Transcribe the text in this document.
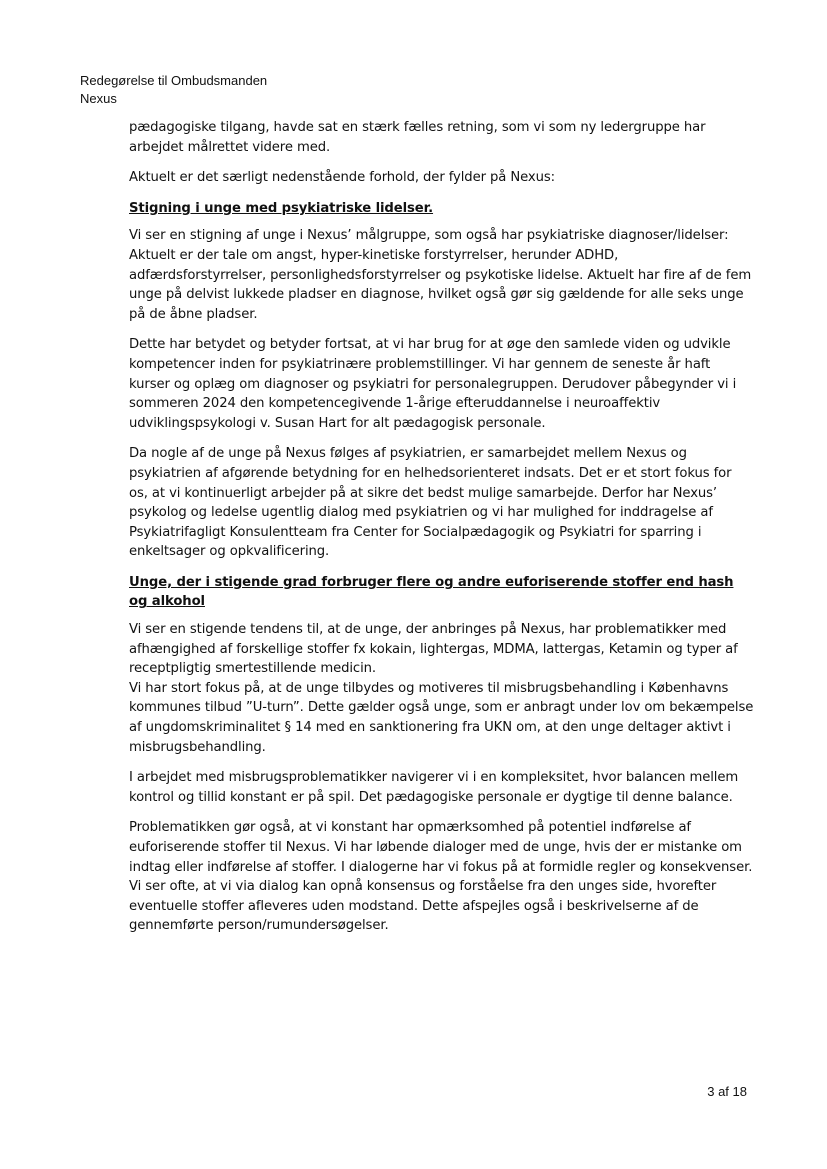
Redegørelse til Ombudsmanden
Nexus

pædagogiske tilgang, havde sat en stærk fælles retning, som vi som ny ledergruppe har arbejdet målrettet videre med.

Aktuelt er det særligt nedenstående forhold, der fylder på Nexus:

Stigning i unge med psykiatriske lidelser.

Vi ser en stigning af unge i Nexus’ målgruppe, som også har psykiatriske diagnoser/lidelser: Aktuelt er der tale om angst, hyper-kinetiske forstyrrelser, herunder ADHD, adfærdsforstyrrelser, personlighedsforstyrrelser og psykotiske lidelse. Aktuelt har fire af de fem unge på delvist lukkede pladser en diagnose, hvilket også gør sig gældende for alle seks unge på de åbne pladser.

Dette har betydet og betyder fortsat, at vi har brug for at øge den samlede viden og udvikle kompetencer inden for psykiatrinære problemstillinger. Vi har gennem de seneste år haft kurser og oplæg om diagnoser og psykiatri for personalegruppen. Derudover påbegynder vi i sommeren 2024 den kompetencegivende 1-årige efteruddannelse i neuroaffektiv udviklingspsykologi v. Susan Hart for alt pædagogisk personale.

Da nogle af de unge på Nexus følges af psykiatrien, er samarbejdet mellem Nexus og psykiatrien af afgørende betydning for en helhedsorienteret indsats. Det er et stort fokus for os, at vi kontinuerligt arbejder på at sikre det bedst mulige samarbejde. Derfor har Nexus’ psykolog og ledelse ugentlig dialog med psykiatrien og vi har mulighed for inddragelse af Psykiatrifagligt Konsulentteam fra Center for Socialpædagogik og Psykiatri for sparring i enkeltsager og opkvalificering.

Unge, der i stigende grad forbruger flere og andre euforiserende stoffer end hash og alkohol

Vi ser en stigende tendens til, at de unge, der anbringes på Nexus, har problematikker med afhængighed af forskellige stoffer fx kokain, lightergas, MDMA, lattergas, Ketamin og typer af receptpligtig smertestillende medicin.
Vi har stort fokus på, at de unge tilbydes og motiveres til misbrugsbehandling i Københavns kommunes tilbud ”U-turn”. Dette gælder også unge, som er anbragt under lov om bekæmpelse af ungdomskriminalitet § 14 med en sanktionering fra UKN om, at den unge deltager aktivt i misbrugsbehandling.

I arbejdet med misbrugsproblematikker navigerer vi i en kompleksitet, hvor balancen mellem kontrol og tillid konstant er på spil. Det pædagogiske personale er dygtige til denne balance.

Problematikken gør også, at vi konstant har opmærksomhed på potentiel indførelse af euforiserende stoffer til Nexus. Vi har løbende dialoger med de unge, hvis der er mistanke om indtag eller indførelse af stoffer. I dialogerne har vi fokus på at formidle regler og konsekvenser. Vi ser ofte, at vi via dialog kan opnå konsensus og forståelse fra den unges side, hvorefter eventuelle stoffer afleveres uden modstand. Dette afspejles også i beskrivelserne af de gennemførte person/rumundersøgelser.

3 af 18
